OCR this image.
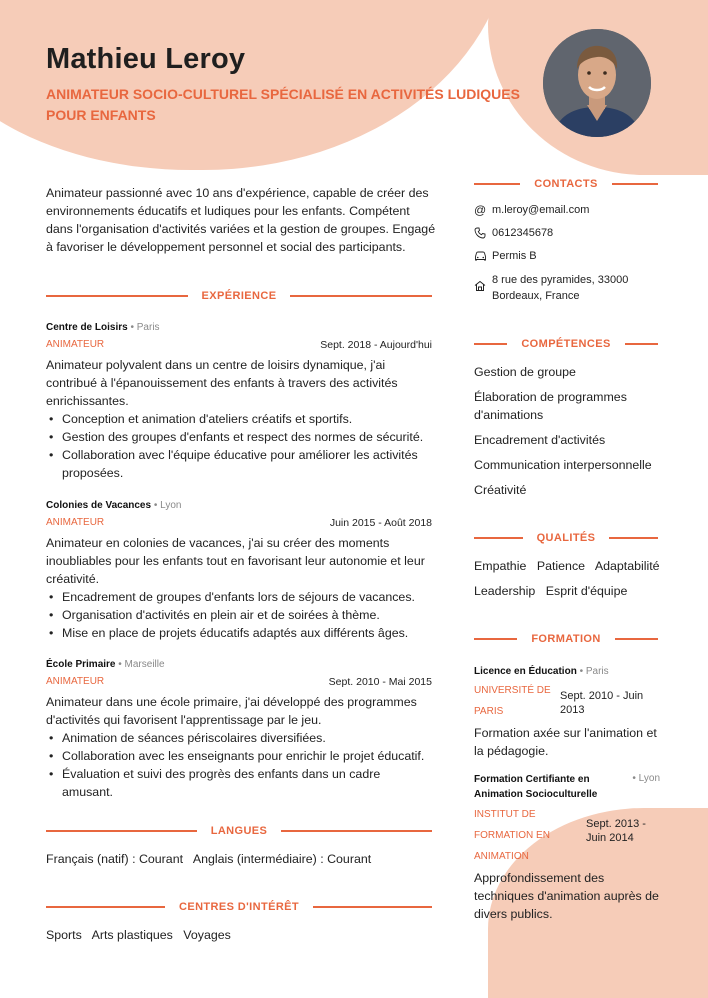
Mathieu Leroy
ANIMATEUR SOCIO-CULTUREL SPÉCIALISÉ EN ACTIVITÉS LUDIQUES POUR ENFANTS
Animateur passionné avec 10 ans d'expérience, capable de créer des environnements éducatifs et ludiques pour les enfants. Compétent dans l'organisation d'activités variées et la gestion de groupes. Engagé à favoriser le développement personnel et social des participants.
EXPÉRIENCE
Centre de Loisirs • Paris
ANIMATEUR	Sept. 2018 - Aujourd'hui
Animateur polyvalent dans un centre de loisirs dynamique, j'ai contribué à l'épanouissement des enfants à travers des activités enrichissantes.
• Conception et animation d'ateliers créatifs et sportifs.
• Gestion des groupes d'enfants et respect des normes de sécurité.
• Collaboration avec l'équipe éducative pour améliorer les activités proposées.
Colonies de Vacances • Lyon
ANIMATEUR	Juin 2015 - Août 2018
Animateur en colonies de vacances, j'ai su créer des moments inoubliables pour les enfants tout en favorisant leur autonomie et leur créativité.
• Encadrement de groupes d'enfants lors de séjours de vacances.
• Organisation d'activités en plein air et de soirées à thème.
• Mise en place de projets éducatifs adaptés aux différents âges.
École Primaire • Marseille
ANIMATEUR	Sept. 2010 - Mai 2015
Animateur dans une école primaire, j'ai développé des programmes d'activités qui favorisent l'apprentissage par le jeu.
• Animation de séances périscolaires diversifiées.
• Collaboration avec les enseignants pour enrichir le projet éducatif.
• Évaluation et suivi des progrès des enfants dans un cadre amusant.
LANGUES
Français (natif) : Courant Anglais (intermédiaire) : Courant
CENTRES D'INTÉRÊT
Sports Arts plastiques Voyages
CONTACTS
@ m.leroy@email.com
0612345678
Permis B
8 rue des pyramides, 33000
Bordeaux, France
COMPÉTENCES
Gestion de groupe
Élaboration de programmes d'animations
Encadrement d'activités
Communication interpersonnelle
Créativité
QUALITÉS
Empathie Patience Adaptabilité
Leadership Esprit d'équipe
FORMATION
Licence en Éducation • Paris
UNIVERSITÉ DE PARIS
Sept. 2010 - Juin 2013
Formation axée sur l'animation et la pédagogie.
Formation Certifiante en Animation Socioculturelle
• Lyon
INSTITUT DE FORMATION EN ANIMATION
Sept. 2013 - Juin 2014
Approfondissement des techniques d'animation auprès de divers publics.
